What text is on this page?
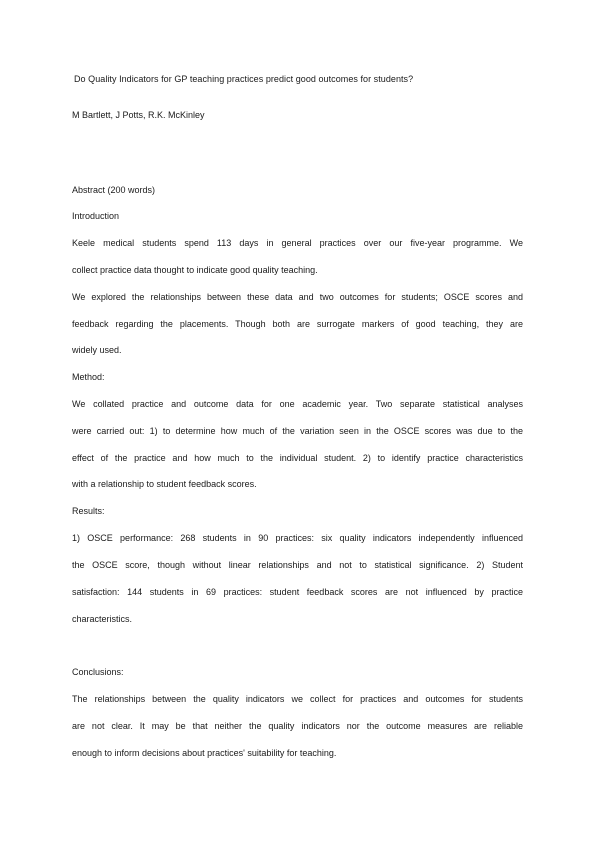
Do Quality Indicators for GP teaching practices predict good outcomes for students?
M Bartlett, J Potts, R.K. McKinley
Abstract (200 words)
Introduction
Keele medical students spend 113 days in general practices over our five-year programme. We
collect practice data thought to indicate good quality teaching.
We explored the relationships between these data and two outcomes for students; OSCE scores and
feedback regarding the placements. Though both are surrogate markers of good teaching, they are
widely used.
Method:
We collated practice and outcome data for one academic year. Two separate statistical analyses
were carried out: 1) to determine how much of the variation seen in the OSCE scores was due to the
effect of the practice and how much to the individual student. 2) to identify practice characteristics
with a relationship to student feedback scores.
Results:
1) OSCE performance: 268 students in 90 practices: six quality indicators independently influenced
the OSCE score, though without linear relationships and not to statistical significance. 2) Student
satisfaction: 144 students in 69 practices: student feedback scores are not influenced by practice
characteristics.
Conclusions:
The relationships between the quality indicators we collect for practices and outcomes for students
are not clear. It may be that neither the quality indicators nor the outcome measures are reliable
enough to inform decisions about practices' suitability for teaching.
